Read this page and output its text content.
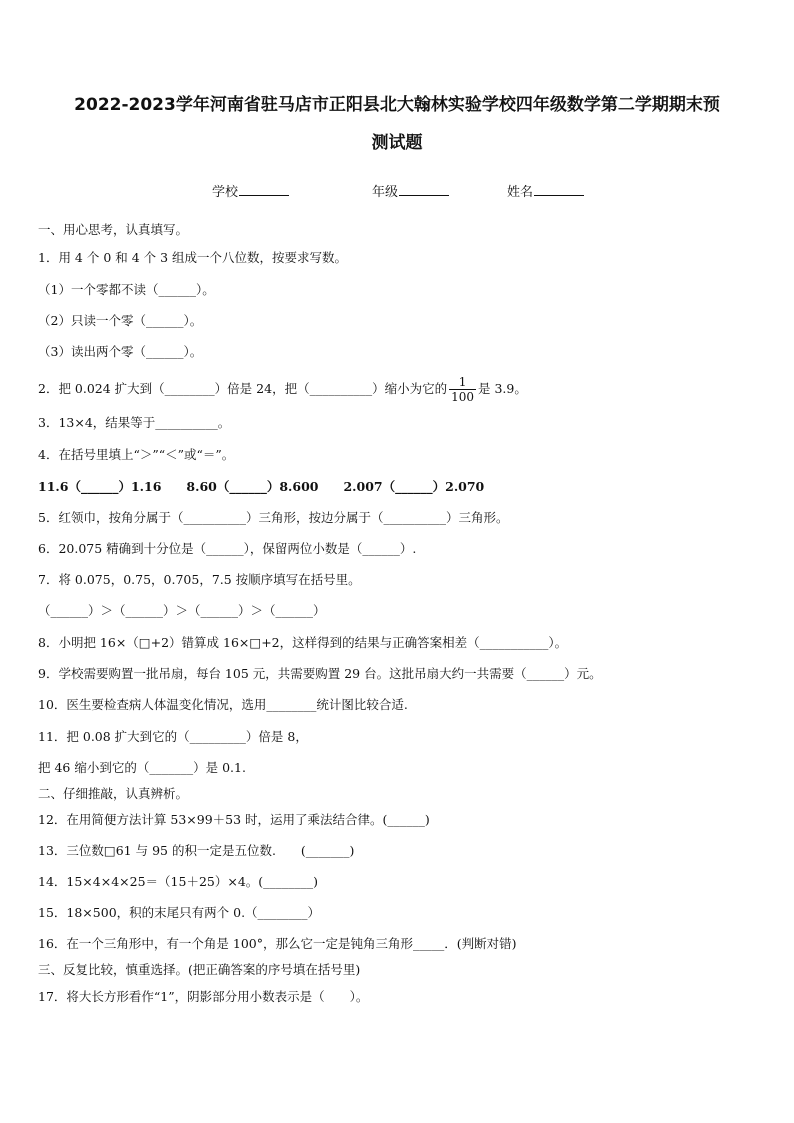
2022-2023学年河南省驻马店市正阳县北大翰林实验学校四年级数学第二学期期末预
测试题
学校	年级	姓名
一、用心思考，认真填写。
1．用 4 个 0 和 4 个 3 组成一个八位数，按要求写数。
（1）一个零都不读（______）。
（2）只读一个零（______）。
（3）读出两个零（______）。
2．把 0.024 扩大到（________）倍是 24，把（__________）缩小为它的 $\frac{1}{100}$ 是 3.9。
3．13×4，结果等于__________。
4．在括号里填上“＞”“＜”或“＝”。
11.6（______）1.16　　8.60（______）8.600　　2.007（______）2.070
5．红领巾，按角分属于（__________）三角形，按边分属于（__________）三角形。
6．20.075 精确到十分位是（______），保留两位小数是（______）.
7．将 0.075，0.75，0.705，7.5 按顺序填写在括号里。
（______）＞（______）＞（______）＞（______）
8．小明把 16×（□+2）错算成 16×□+2，这样得到的结果与正确答案相差（___________）。
9．学校需要购置一批吊扇，每台 105 元，共需要购置 29 台。这批吊扇大约一共需要（______）元。
10．医生要检查病人体温变化情况，选用________统计图比较合适.
11．把 0.08 扩大到它的（_________）倍是 8，
把 46 缩小到它的（_______）是 0.1.
二、仔细推敲，认真辨析。
12．在用简便方法计算 53×99＋53 时，运用了乘法结合律。(______)
13．三位数□61 与 95 的积一定是五位数.　　(_______)
14．15×4×4×25＝（15＋25）×4。(________)
15．18×500，积的末尾只有两个 0.（________）
16．在一个三角形中，有一个角是 100°，那么它一定是钝角三角形_____．(判断对错)
三、反复比较，慎重选择。(把正确答案的序号填在括号里)
17．将大长方形看作“1”，阴影部分用小数表示是（　　）。
